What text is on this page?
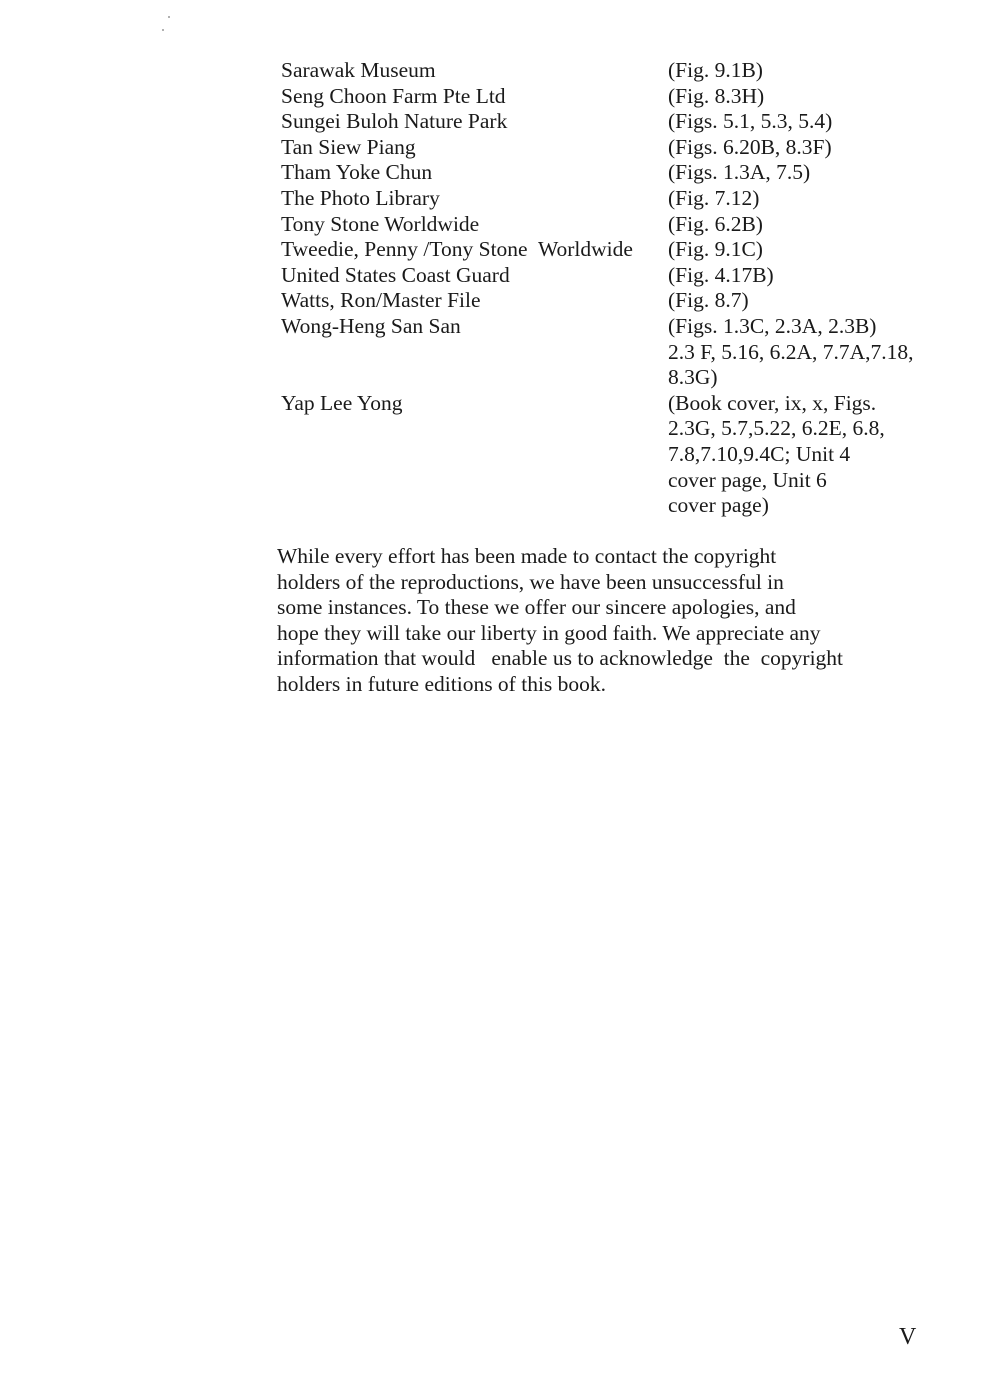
Sarawak Museum	(Fig. 9.1B)
Seng Choon Farm Pte Ltd	(Fig. 8.3H)
Sungei Buloh Nature Park	(Figs. 5.1, 5.3, 5.4)
Tan Siew Piang	(Figs. 6.20B, 8.3F)
Tham Yoke Chun	(Figs. 1.3A, 7.5)
The Photo Library	(Fig. 7.12)
Tony Stone Worldwide	(Fig. 6.2B)
Tweedie, Penny /Tony Stone  Worldwide	(Fig. 9.1C)
United States Coast Guard	(Fig. 4.17B)
Watts, Ron/Master File	(Fig. 8.7)
Wong-Heng San San	(Figs. 1.3C, 2.3A, 2.3B)
2.3 F, 5.16, 6.2A, 7.7A,7.18,
8.3G)

Yap Lee Yong	(Book cover, ix, x, Figs.
2.3G, 5.7,5.22, 6.2E, 6.8,
7.8,7.10,9.4C; Unit 4
cover page, Unit 6
cover page)
While every effort has been made to contact the copyright
holders of the reproductions, we have been unsuccessful in
some instances. To these we offer our sincere apologies, and
hope they will take our liberty in good faith. We appreciate any
information that would   enable us to acknowledge  the  copyright
holders in future editions of this book.
V
